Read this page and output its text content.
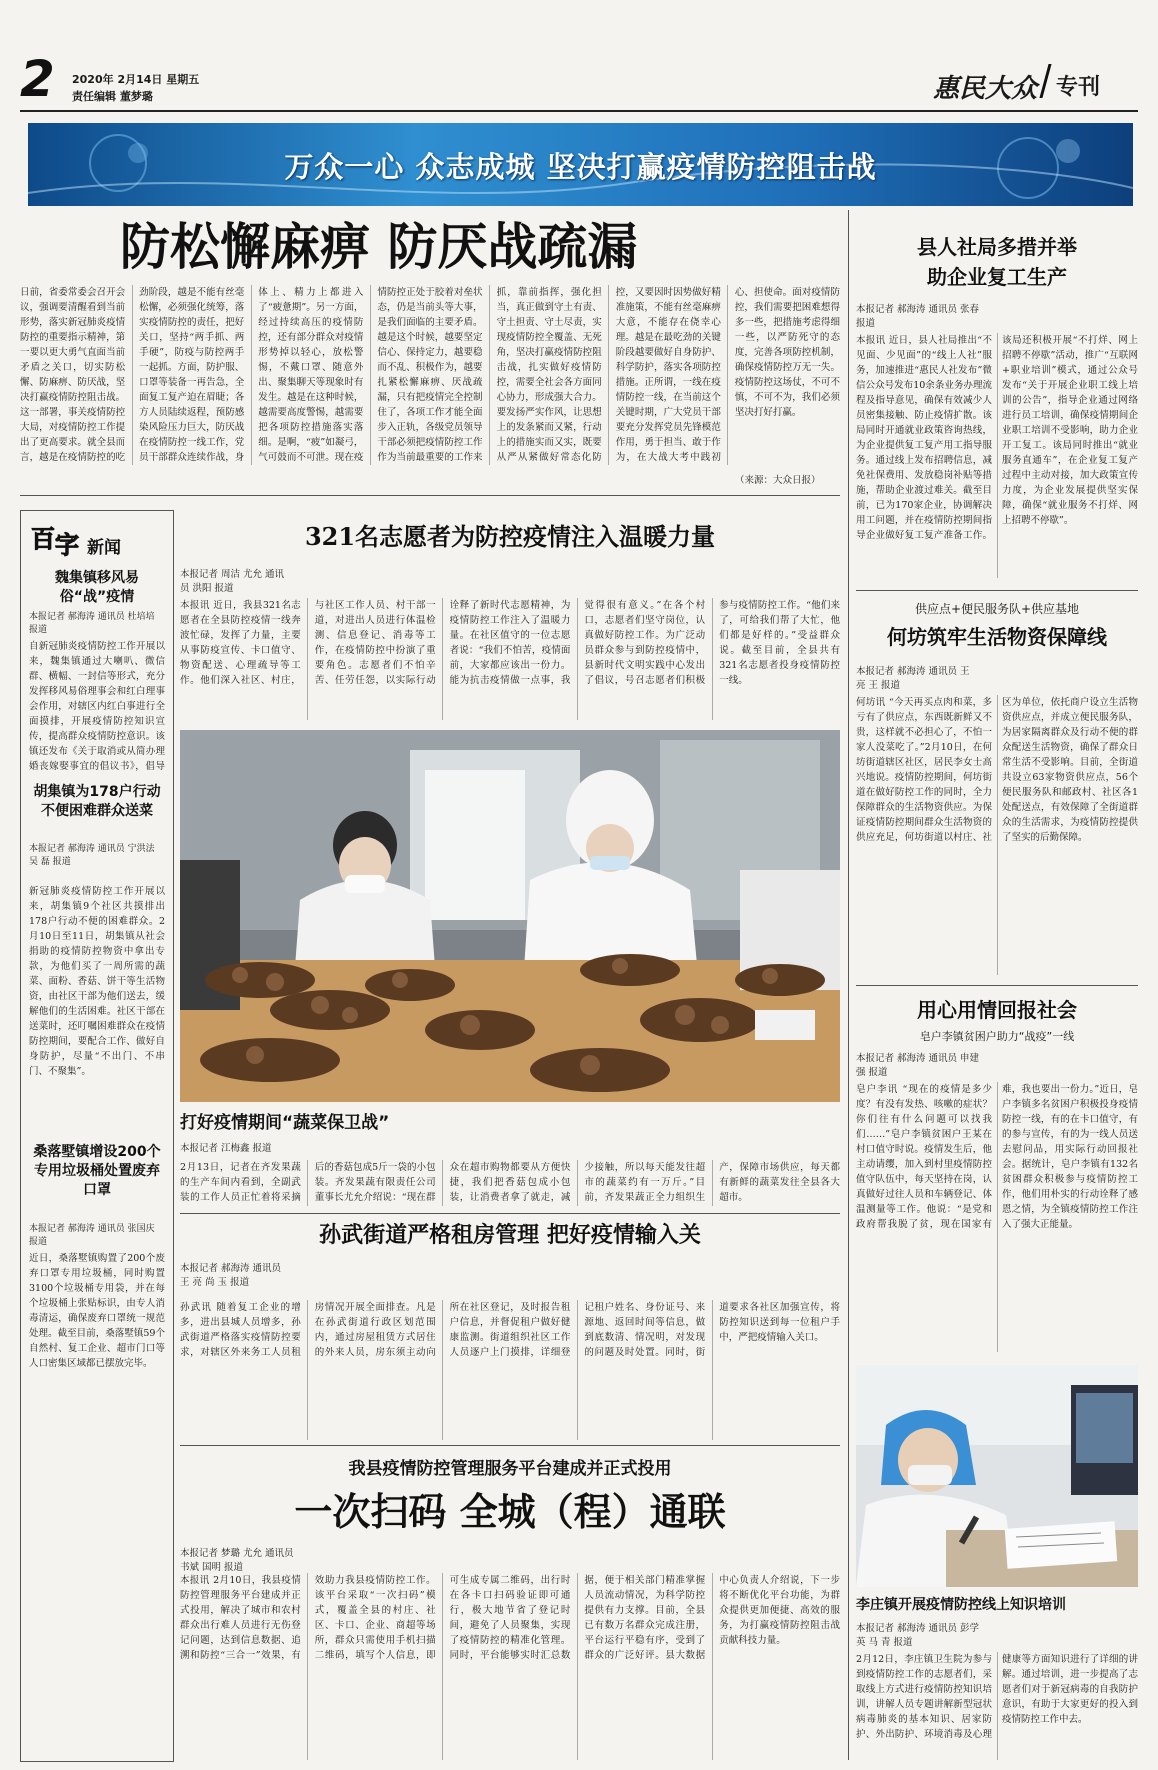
2 2020年 2月14日 星期五
责任编辑 董梦璐	惠民大众 专刊
万众一心 众志成城 坚决打赢疫情防控阻击战
防松懈麻痹 防厌战疏漏
日前，省委常委会召开会议，强调要清醒看到当前形势，落实新冠肺炎疫情防控的重要指示精神，第一要以更大勇气直面当前矛盾之关口，切实防松懈、防麻痹、防厌战，坚决打赢疫情防控阻击战。这一部署，事关疫情防控大局，对疫情防控工作提出了更高要求。就全县而言，越是在疫情防控的吃劲阶段，越是不能有丝毫松懈，必须强化统筹，落实疫情防控的责任，把好关口，坚持“两手抓、两手硬”，防疫与防控两手一起抓。方面，防护服、口罩等装备一再告急，全面复工复产迫在眉睫；各方人员陆续返程，预防感染风险压力巨大，防厌战在疫情防控一线工作，党员干部群众连续作战，身体上、精力上都进入了“疲惫期”。另一方面，经过持续高压的疫情防控，还有部分群众对疫情形势掉以轻心，放松警惕，不戴口罩、随意外出、聚集聊天等现象时有发生。越是在这种时候，越需要高度警惕，越需要把各项防控措施落实落细。是啊，“疲”如凝弓，气可鼓而不可泄。现在疫情防控正处于胶着对垒状态，仍是当前头等大事，是我们面临的主要矛盾。越是这个时候，越要坚定信心、保持定力，越要稳而不乱、积极作为，越要扎紧松懈麻痹、厌战疏漏，只有把疫情完全控制住了，各项工作才能全面步入正轨，各级党员领导干部必须把疫情防控工作作为当前最重要的工作来抓，靠前指挥，强化担当，真正做到守土有责、守土担责、守土尽责，实现疫情防控全覆盖、无死角，坚决打赢疫情防控阻击战，扎实做好疫情防控，需要全社会各方面同心协力，形成强大合力。要发扬严实作风，让思想上的发条紧而又紧，行动上的措施实而又实，既要从严从紧做好常态化防控，又要因时因势做好精准施策，不能有丝毫麻痹大意，不能存在侥幸心理。越是在最吃劲的关键阶段越要做好自身防护、科学防护，落实各项防控措施。正所谓，一线在疫情防控一线，在当前这个关键时期，广大党员干部要充分发挥党员先锋模范作用，勇于担当、敢于作为，在大战大考中践初心、担使命。面对疫情防控，我们需要把困难想得多一些，把措施考虑得细一些，以严防死守的态度，完善各项防控机制，确保疫情防控万无一失。疫情防控这场仗，不可不慎，不可不为，我们必须坚决打好打赢。
（来源：大众日报）
百 字 新闻
魏集镇移风易俗“战”疫情
本报记者 郝海涛 通讯员 杜培培 报道
自新冠肺炎疫情防控工作开展以来，魏集镇通过大喇叭、微信群、横幅、一封信等形式，充分发挥移风易俗理事会和红白理事会作用，对辖区内红白事进行全面摸排，开展疫情防控知识宣传，提高群众疫情防控意识。该镇还发布《关于取消或从简办理婚丧嫁娶事宜的倡议书》，倡导
胡集镇为178户行动不便困难群众送菜
本报记者 郝海涛 通讯员 宁洪法 吴 磊 报道
新冠肺炎疫情防控工作开展以来，胡集镇9个社区共摸排出178户行动不便的困难群众。2月10日至11日，胡集镇从社会捐助的疫情防控物资中拿出专款，为他们买了一周所需的蔬菜、面粉、香菇、饼干等生活物资，由社区干部为他们送去，缓解他们的生活困难。社区干部在送菜时，还叮嘱困难群众在疫情防控期间，要配合工作、做好自身防护，尽量“不出门、不串门、不聚集”。
桑落墅镇增设200个专用垃圾桶处置废弃口罩
本报记者 郝海涛 通讯员 张国庆 报道
近日，桑落墅镇购置了200个废弃口罩专用垃圾桶，同时购置3100个垃圾桶专用袋，并在每个垃圾桶上张贴标识，由专人消毒清运，确保废弃口罩统一规范处理。截至目前，桑落墅镇59个自然村、复工企业、超市门口等人口密集区域都已摆放完毕。
321名志愿者为防控疫情注入温暖力量
本报记者 周洁 尤允 通讯员 洪阳 报道
本报讯 近日，我县321名志愿者在全县防控疫情一线奔波忙碌，发挥了力量，主要从事防疫宣传、卡口值守、物资配送、心理疏导等工作。他们深入社区、村庄，与社区工作人员、村干部一道，对进出人员进行体温检测、信息登记、消毒等工作，在疫情防控中扮演了重要角色。志愿者们不怕辛苦、任劳任怨，以实际行动诠释了新时代志愿精神，为疫情防控工作注入了温暖力量。在社区值守的一位志愿者说：“我们不怕苦，疫情面前，大家都应该出一份力。能为抗击疫情做一点事，我觉得很有意义。”在各个村口，志愿者们坚守岗位，认真做好防控工作。为广泛动员群众参与到防控疫情中，县新时代文明实践中心发出了倡议，号召志愿者们积极参与疫情防控工作。“他们来了，可给我们帮了大忙，他们都是好样的。”受益群众说。截至目前，全县共有321名志愿者投身疫情防控一线。
打好疫情期间“蔬菜保卫战”
本报记者 江梅鑫 报道
2月13日，记者在齐发果蔬的生产车间内看到，全副武装的工作人员正忙着将采摘后的香菇包成5斤一袋的小包装。齐发果蔬有限责任公司董事长尤允介绍说：“现在群众在超市购物都要从方便快捷，我们把香菇包成小包装，让消费者拿了就走，减少接触，所以每天能发往超市的蔬菜约有一万斤。”目前，齐发果蔬正全力组织生产，保障市场供应，每天都有新鲜的蔬菜发往全县各大超市。
孙武街道严格租房管理 把好疫情输入关
本报记者 郝海涛 通讯员 王 亮 尚 玉 报道
孙武讯 随着复工企业的增多，进出县城人员增多，孙武街道严格落实疫情防控要求，对辖区外来务工人员租房情况开展全面排查。凡是在孙武街道行政区划范围内，通过房屋租赁方式居住的外来人员，房东须主动向所在社区登记，及时报告租户信息，并督促租户做好健康监测。街道组织社区工作人员逐户上门摸排，详细登记租户姓名、身份证号、来源地、返回时间等信息，做到底数清、情况明，对发现的问题及时处置。同时，街道要求各社区加强宣传，将防控知识送到每一位租户手中，严把疫情输入关口。
我县疫情防控管理服务平台建成并正式投用
一次扫码 全城（程）通联
本报记者 梦璐 尤允 通讯员 书斌 国明 报道
本报讯 2月10日，我县疫情防控管理服务平台建成并正式投用，解决了城市和农村群众出行难人员进行无伤登记问题，达到信息数据、追溯和防控“三合一”效果，有效助力我县疫情防控工作。该平台采取“一次扫码”模式，覆盖全县的村庄、社区、卡口、企业、商超等场所，群众只需使用手机扫描二维码，填写个人信息，即可生成专属二维码，出行时在各卡口扫码验证即可通行，极大地节省了登记时间，避免了人员聚集，实现了疫情防控的精准化管理。同时，平台能够实时汇总数据，便于相关部门精准掌握人员流动情况，为科学防控提供有力支撑。目前，全县已有数万名群众完成注册，平台运行平稳有序，受到了群众的广泛好评。县大数据中心负责人介绍说，下一步将不断优化平台功能，为群众提供更加便捷、高效的服务，为打赢疫情防控阻击战贡献科技力量。
县人社局多措并举
助企业复工生产
本报记者 郝海涛 通讯员 张春 报道
本报讯 近日，县人社局推出“不见面、少见面”的“线上人社”服务，加速推进“惠民人社发布”微信公众号发布10余条业务办理流程及指导意见，确保有效减少人员密集接触、防止疫情扩散。该局同时开通就业政策咨询热线，为企业提供复工复产用工指导服务。通过线上发布招聘信息，减免社保费用、发放稳岗补贴等措施，帮助企业渡过难关。截至目前，已为170家企业，协调解决用工问题，并在疫情防控期间指导企业做好复工复产准备工作。该局还积极开展“不打烊、网上招聘不停歇”活动，推广“互联网+职业培训”模式，通过公众号发布“关于开展企业职工线上培训的公告”，指导企业通过网络进行员工培训，确保疫情期间企业职工培训不受影响，助力企业开工复工。该局同时推出“就业服务直通车”，在企业复工复产过程中主动对接，加大政策宣传力度，为企业发展提供坚实保障，确保“就业服务不打烊、网上招聘不停歇”。
供应点+便民服务队+供应基地
何坊筑牢生活物资保障线
本报记者 郝海涛 通讯员 王 亮 王 报道
何坊讯 “今天再买点肉和菜，多亏有了供应点，东西既新鲜又不贵，这样就不必担心了，不怕一家人没菜吃了。”2月10日，在何坊街道辖区社区，居民李女士高兴地说。疫情防控期间，何坊街道在做好防控工作的同时，全力保障群众的生活物资供应。为保证疫情防控期间群众生活物资的供应充足，何坊街道以村庄、社区为单位，依托商户设立生活物资供应点，并成立便民服务队，为居家隔离群众及行动不便的群众配送生活物资，确保了群众日常生活不受影响。目前，全街道共设立63家物资供应点，56个便民服务队和邮政村、社区各1处配送点，有效保障了全街道群众的生活需求，为疫情防控提供了坚实的后勤保障。
用心用情回报社会
皂户李镇贫困户助力“战疫”一线
本报记者 郝海涛 通讯员 申建强 报道
皂户李讯 “现在的疫情是多少度？有没有发热、咳嗽的症状？你们往有什么问题可以找我们……”皂户李镇贫困户王某在村口值守时说。疫情发生后，他主动请缨，加入到村里疫情防控值守队伍中，每天坚持在岗，认真做好过往人员和车辆登记、体温测量等工作。他说：“是党和政府帮我脱了贫，现在国家有难，我也要出一份力。”近日，皂户李镇多名贫困户积极投身疫情防控一线，有的在卡口值守，有的参与宣传，有的为一线人员送去慰问品，用实际行动回报社会。据统计，皂户李镇有132名贫困群众积极参与疫情防控工作，他们用朴实的行动诠释了感恩之情，为全镇疫情防控工作注入了强大正能量。
李庄镇开展疫情防控线上知识培训
本报记者 郝海涛 通讯员 彭学英 马 青 报道
2月12日，李庄镇卫生院为参与到疫情防控工作的志愿者们，采取线上方式进行疫情防控知识培训，讲解人员专题讲解新型冠状病毒肺炎的基本知识、居家防护、外出防护、环境消毒及心理健康等方面知识进行了详细的讲解。通过培训，进一步提高了志愿者们对于新冠病毒的自我防护意识，有助于大家更好的投入到疫情防控工作中去。
